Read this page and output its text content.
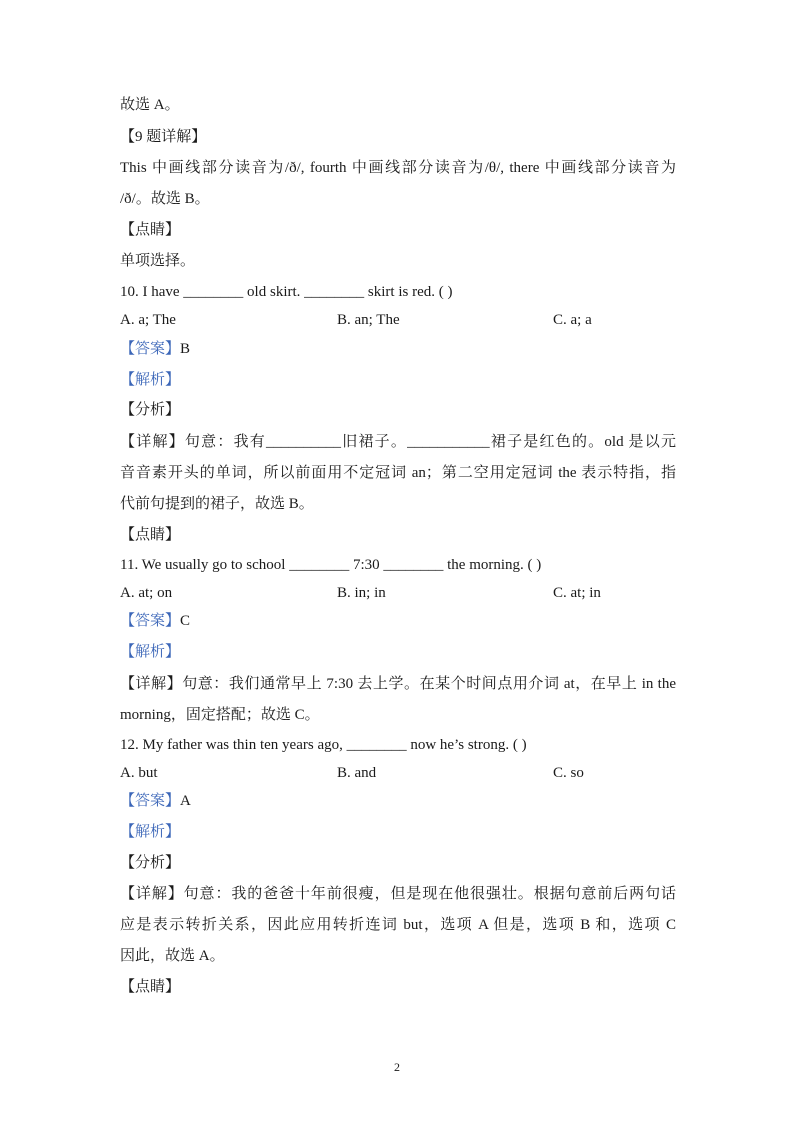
故选 A。
【9 题详解】
This 中画线部分读音为/ð/, fourth 中画线部分读音为/θ/, there 中画线部分读音为
/ð/。故选 B。
【点睛】
单项选择。
10. I have ________ old skirt. ________ skirt is red. ( )
A. a; The	B. an; The	C. a; a
【答案】B
【解析】
【分析】
【详解】句意：我有__________旧裙子。___________裙子是红色的。old 是以元
音音素开头的单词，所以前面用不定冠词 an；第二空用定冠词 the 表示特指，指
代前句提到的裙子，故选 B。
【点睛】
11. We usually go to school ________ 7:30 ________ the morning. ( )
A. at; on	B. in; in	C. at; in
【答案】C
【解析】
【详解】句意：我们通常早上 7:30 去上学。在某个时间点用介词 at，在早上 in the
morning，固定搭配；故选 C。
12. My father was thin ten years ago, ________ now he’s strong. ( )
A. but	B. and	C. so
【答案】A
【解析】
【分析】
【详解】句意：我的爸爸十年前很瘦，但是现在他很强壮。根据句意前后两句话
应是表示转折关系，因此应用转折连词 but，选项 A 但是，选项 B 和，选项 C
因此，故选 A。
【点睛】
2
